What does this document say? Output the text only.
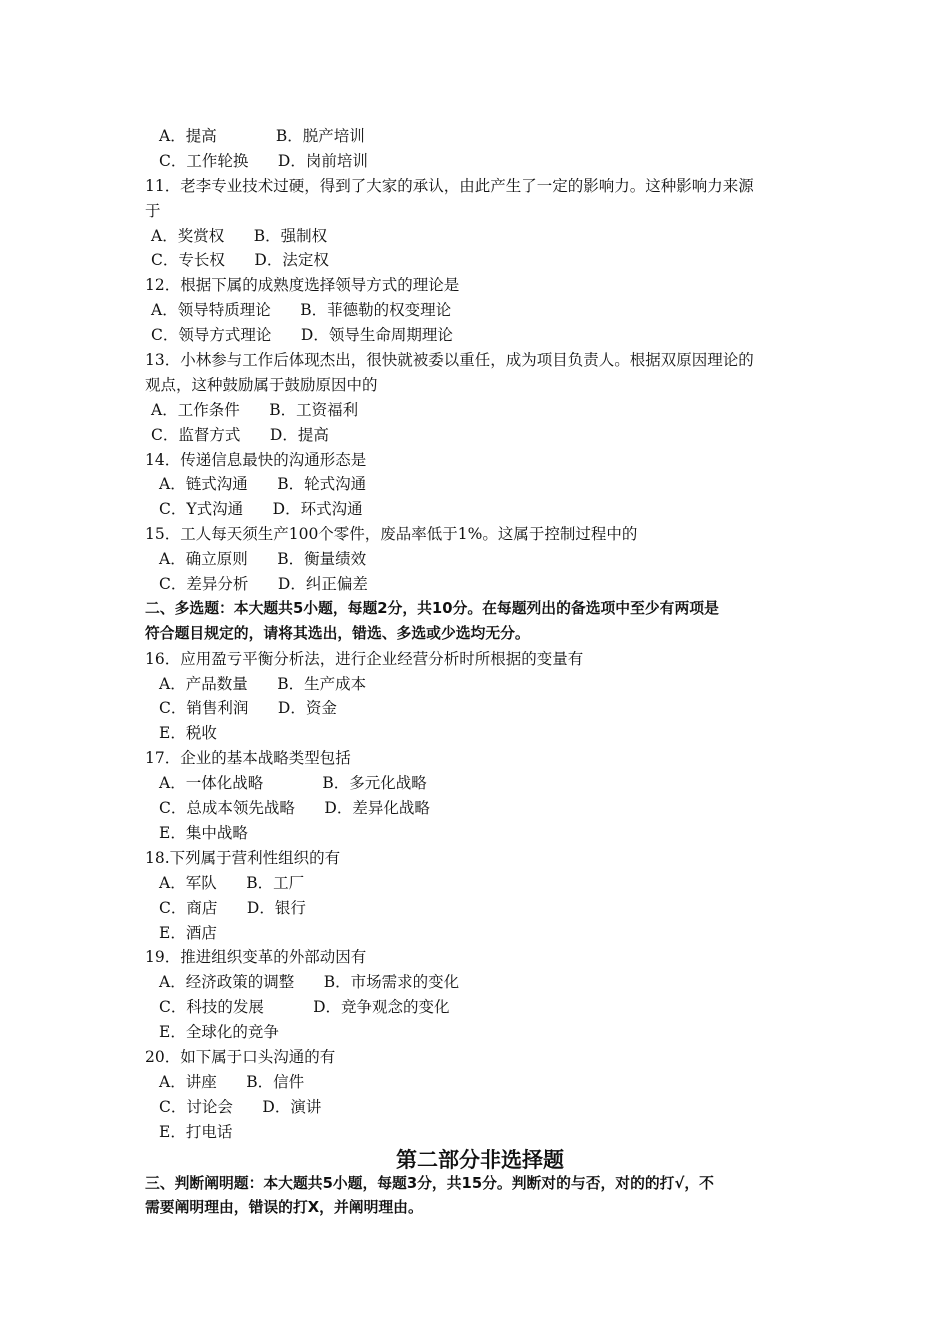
A．提高            B．脱产培训
C．工作轮换      D．岗前培训
11．老李专业技术过硬，得到了大家的承认，由此产生了一定的影响力。这种影响力来源
于
A．奖赏权      B．强制权
C．专长权      D．法定权
12．根据下属的成熟度选择领导方式的理论是
A．领导特质理论      B．菲德勒的权变理论
C．领导方式理论      D．领导生命周期理论
13．小林参与工作后体现杰出，很快就被委以重任，成为项目负责人。根据双原因理论的
观点，这种鼓励属于鼓励原因中的
A．工作条件      B．工资福利
C．监督方式      D．提高
14．传递信息最快的沟通形态是
A．链式沟通      B．轮式沟通
C．Y式沟通      D．环式沟通
15．工人每天须生产100个零件，废品率低于1%。这属于控制过程中的
A．确立原则      B．衡量绩效
C．差异分析      D．纠正偏差
二、多选题：本大题共5小题，每题2分，共10分。在每题列出的备选项中至少有两项是
符合题目规定的，请将其选出，错选、多选或少选均无分。
16．应用盈亏平衡分析法，进行企业经营分析时所根据的变量有
A．产品数量      B．生产成本
C．销售利润      D．资金
E．税收
17．企业的基本战略类型包括
A．一体化战略            B．多元化战略
C．总成本领先战略      D．差异化战略
E．集中战略
18.下列属于营利性组织的有
A．军队      B．工厂
C．商店      D．银行
E．酒店
19．推进组织变革的外部动因有
A．经济政策的调整      B．市场需求的变化
C．科技的发展          D．竞争观念的变化
E．全球化的竞争
20．如下属于口头沟通的有
A．讲座      B．信件
C．讨论会      D．演讲
E．打电话
第二部分非选择题
三、判断阐明题：本大题共5小题，每题3分，共15分。判断对的与否，对的的打√，不
需要阐明理由，错误的打X，并阐明理由。
